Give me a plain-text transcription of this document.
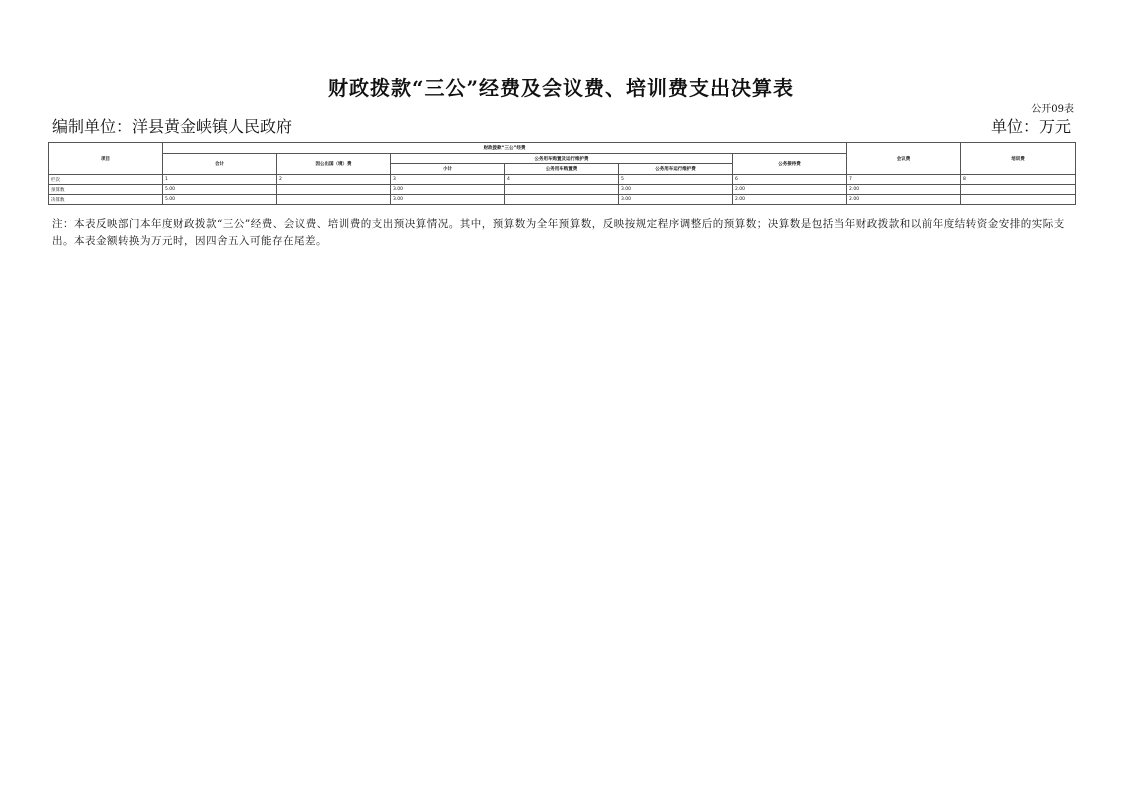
财政拨款“三公”经费及会议费、培训费支出决算表
公开09表
编制单位：洋县黄金峡镇人民政府	单位：万元
项目	财政拨款“三公”经费						会议费	培训费
	合计	因公出国（境）费	公务用车购置及运行维护费			公务接待费		
			小计	公务用车购置费	公务用车运行维护费			
栏次	1	2	3	4	5	6	7	8
预算数	5.00		3.00		3.00	2.00	2.00	
决算数	5.00		3.00		3.00	2.00	2.00	
注：本表反映部门本年度财政拨款“三公”经费、会议费、培训费的支出预决算情况。其中，预算数为全年预算数，反映按规定程序调整后的预算数；决算数是包括当年财政拨款和以前年度结转资金安排的实际支出。本表金额转换为万元时，因四舍五入可能存在尾差。
